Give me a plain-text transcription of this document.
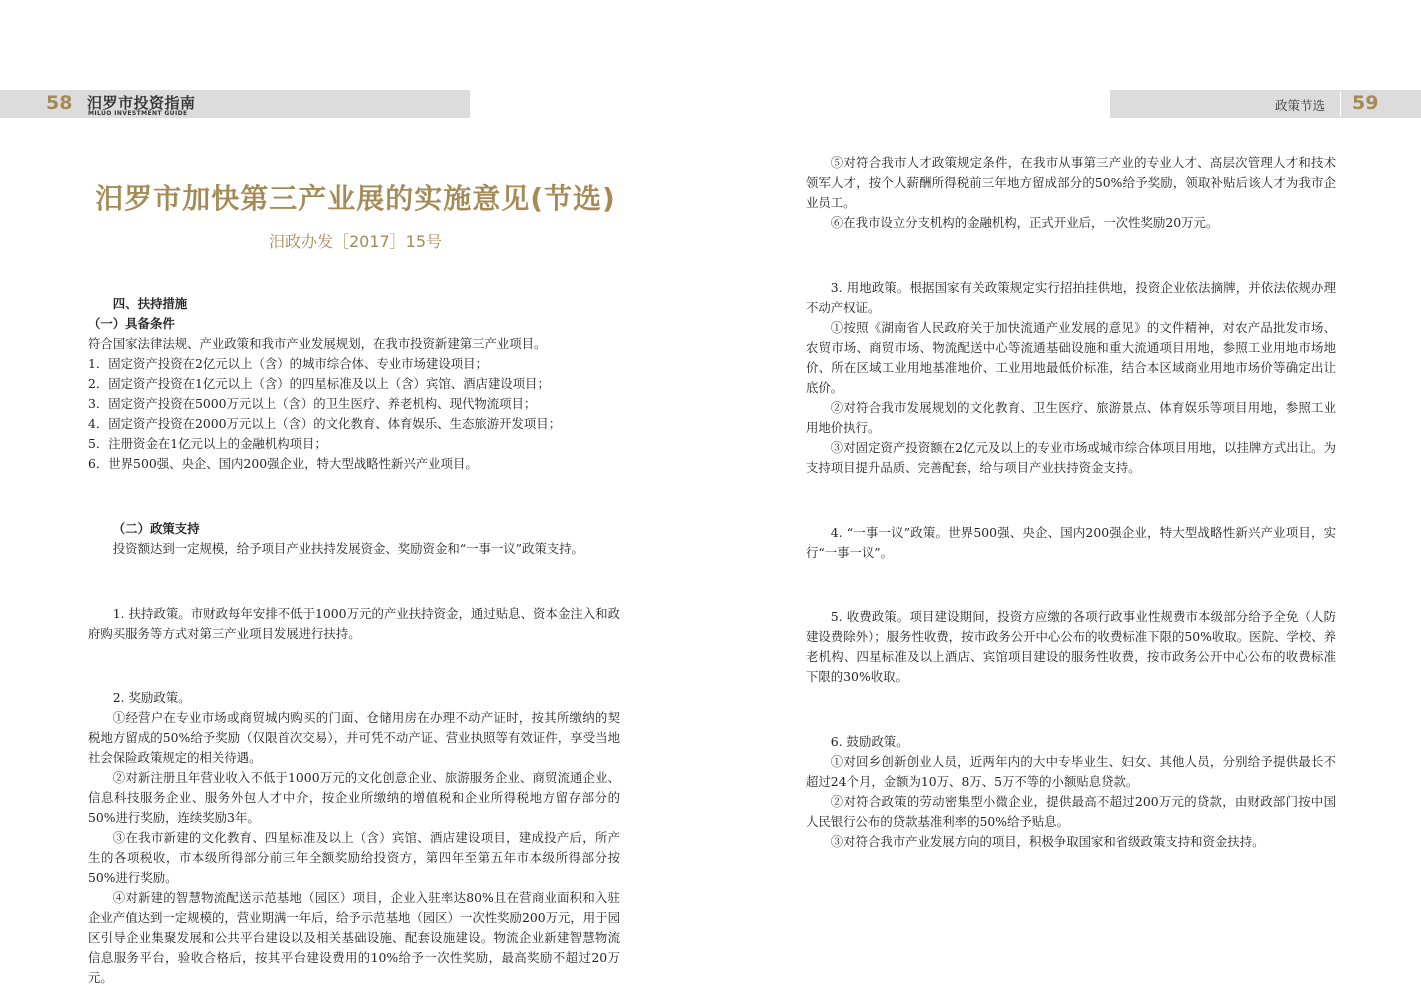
58 汨罗市投资指南
MILUO INVESTMENT GUIDE
政策节选 59
汨罗市加快第三产业展的实施意见(节选)
汨政办发［2017］15号

四、扶持措施

（一）具备条件

符合国家法律法规、产业政策和我市产业发展规划，在我市投资新建第三产业项目。

1．固定资产投资在2亿元以上（含）的城市综合体、专业市场建设项目；

2．固定资产投资在1亿元以上（含）的四星标准及以上（含）宾馆、酒店建设项目；

3．固定资产投资在5000万元以上（含）的卫生医疗、养老机构、现代物流项目；

4．固定资产投资在2000万元以上（含）的文化教育、体育娱乐、生态旅游开发项目；

5．注册资金在1亿元以上的金融机构项目；

6．世界500强、央企、国内200强企业，特大型战略性新兴产业项目。

（二）政策支持

投资额达到一定规模，给予项目产业扶持发展资金、奖励资金和“一事一议”政策支持。

1. 扶持政策。市财政每年安排不低于1000万元的产业扶持资金，通过贴息、资本金注入和政府购买服务等方式对第三产业项目发展进行扶持。

2. 奖励政策。

①经营户在专业市场或商贸城内购买的门面、仓储用房在办理不动产证时，按其所缴纳的契税地方留成的50%给予奖励（仅限首次交易），并可凭不动产证、营业执照等有效证件，享受当地社会保险政策规定的相关待遇。

②对新注册且年营业收入不低于1000万元的文化创意企业、旅游服务企业、商贸流通企业、信息科技服务企业、服务外包人才中介，按企业所缴纳的增值税和企业所得税地方留存部分的50%进行奖励，连续奖励3年。

③在我市新建的文化教育、四星标准及以上（含）宾馆、酒店建设项目，建成投产后，所产生的各项税收，市本级所得部分前三年全额奖励给投资方，第四年至第五年市本级所得部分按50%进行奖励。

④对新建的智慧物流配送示范基地（园区）项目，企业入驻率达80%且在营商业面积和入驻企业产值达到一定规模的，营业期满一年后，给予示范基地（园区）一次性奖励200万元，用于园区引导企业集聚发展和公共平台建设以及相关基础设施、配套设施建设。物流企业新建智慧物流信息服务平台，验收合格后，按其平台建设费用的10%给予一次性奖励，最高奖励不超过20万元。

⑤对符合我市人才政策规定条件，在我市从事第三产业的专业人才、高层次管理人才和技术领军人才，按个人薪酬所得税前三年地方留成部分的50%给予奖励，领取补贴后该人才为我市企业员工。

⑥在我市设立分支机构的金融机构，正式开业后，一次性奖励20万元。

3. 用地政策。根据国家有关政策规定实行招拍挂供地，投资企业依法摘牌，并依法依规办理不动产权证。

①按照《湖南省人民政府关于加快流通产业发展的意见》的文件精神，对农产品批发市场、农贸市场、商贸市场、物流配送中心等流通基础设施和重大流通项目用地，参照工业用地市场地价、所在区域工业用地基准地价、工业用地最低价标准，结合本区域商业用地市场价等确定出让底价。

②对符合我市发展规划的文化教育、卫生医疗、旅游景点、体育娱乐等项目用地，参照工业用地价执行。

③对固定资产投资额在2亿元及以上的专业市场或城市综合体项目用地，以挂牌方式出让。为支持项目提升品质、完善配套，给与项目产业扶持资金支持。

4. “一事一议”政策。世界500强、央企、国内200强企业，特大型战略性新兴产业项目，实行“一事一议”。

5. 收费政策。项目建设期间，投资方应缴的各项行政事业性规费市本级部分给予全免（人防建设费除外）；服务性收费，按市政务公开中心公布的收费标准下限的50%收取。医院、学校、养老机构、四星标准及以上酒店、宾馆项目建设的服务性收费，按市政务公开中心公布的收费标准下限的30%收取。

6. 鼓励政策。

①对回乡创新创业人员，近两年内的大中专毕业生、妇女、其他人员，分别给予提供最长不超过24个月，金额为10万、8万、5万不等的小额贴息贷款。

②对符合政策的劳动密集型小微企业，提供最高不超过200万元的贷款，由财政部门按中国人民银行公布的贷款基准利率的50%给予贴息。

③对符合我市产业发展方向的项目，积极争取国家和省级政策支持和资金扶持。
